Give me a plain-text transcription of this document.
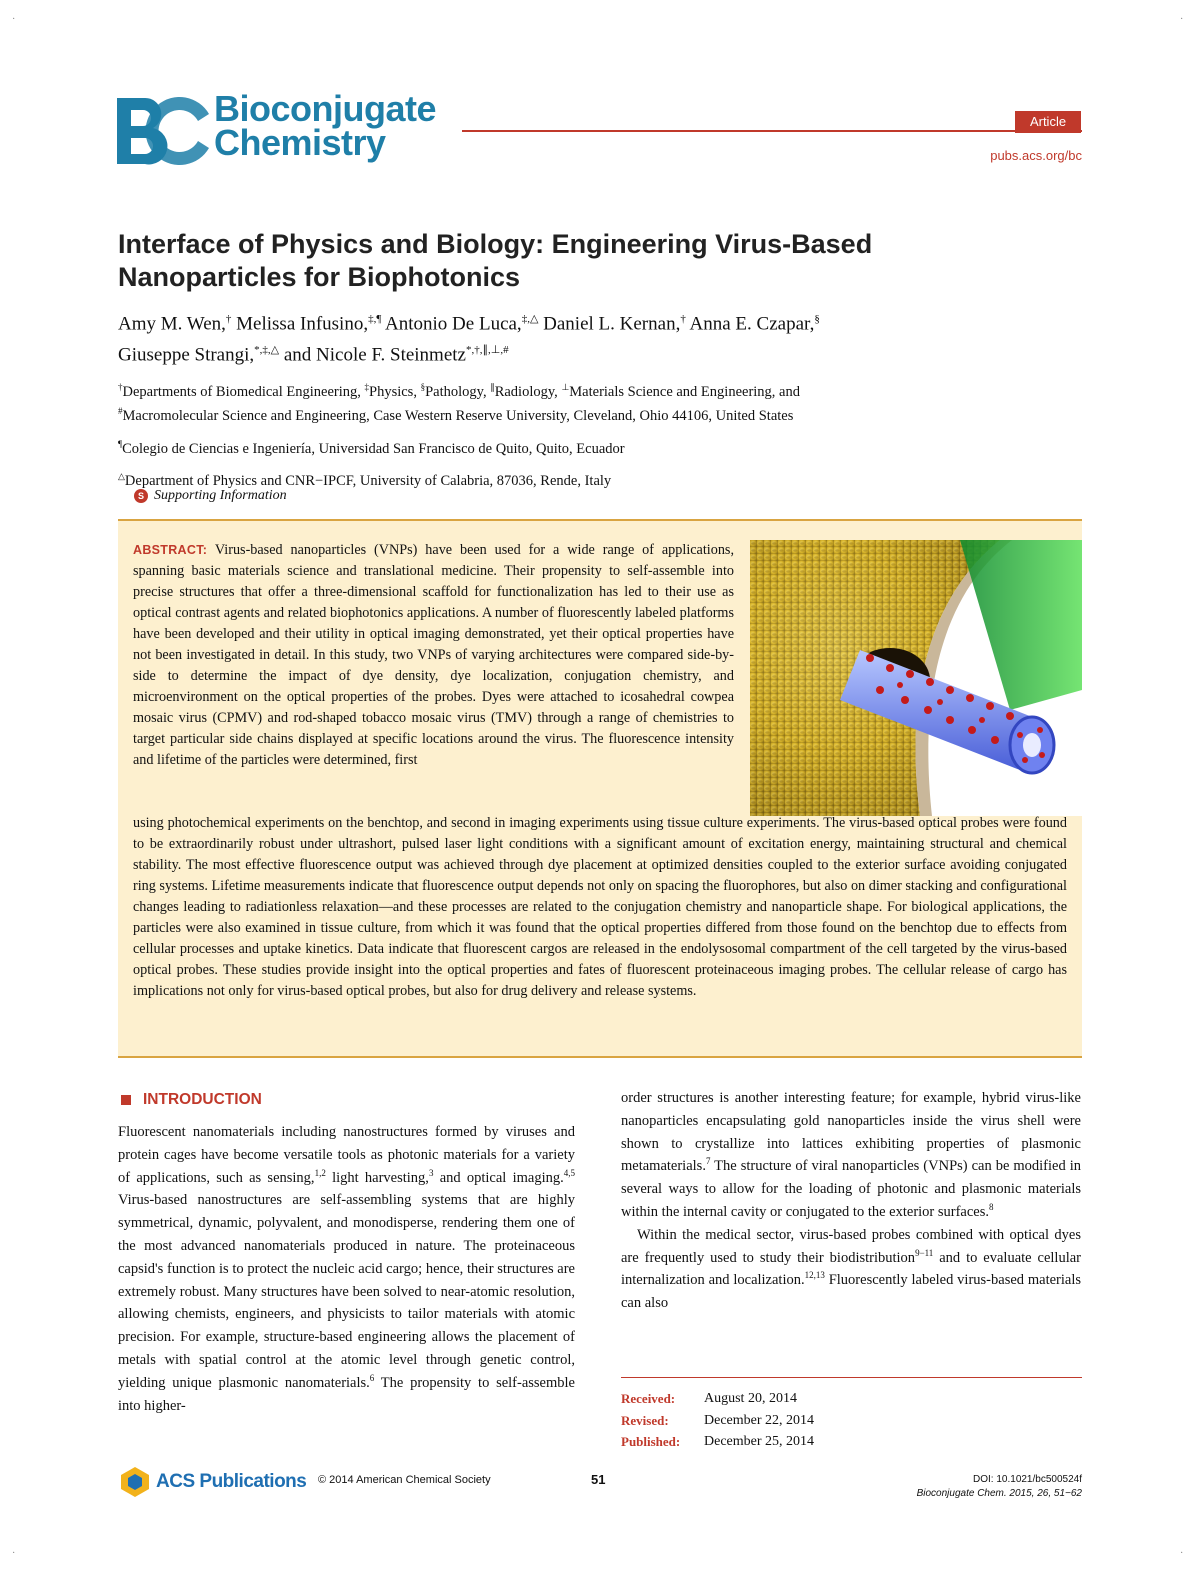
·	·
·	·
Bioconjugate
Chemistry
Article
pubs.acs.org/bc
Interface of Physics and Biology: Engineering Virus-Based Nanoparticles for Biophotonics
Amy M. Wen,† Melissa Infusino,‡,¶ Antonio De Luca,‡,△ Daniel L. Kernan,† Anna E. Czapar,§
Giuseppe Strangi,*,‡,△ and Nicole F. Steinmetz*,†,∥,⊥,#
†Departments of Biomedical Engineering, ‡Physics, §Pathology, ∥Radiology, ⊥Materials Science and Engineering, and
#Macromolecular Science and Engineering, Case Western Reserve University, Cleveland, Ohio 44106, United States
¶Colegio de Ciencias e Ingeniería, Universidad San Francisco de Quito, Quito, Ecuador
△Department of Physics and CNR−IPCF, University of Calabria, 87036, Rende, Italy
S Supporting Information
ABSTRACT: Virus-based nanoparticles (VNPs) have been used for a wide range of applications, spanning basic materials science and translational medicine. Their propensity to self-assemble into precise structures that offer a three-dimensional scaffold for functionalization has led to their use as optical contrast agents and related biophotonics applications. A number of fluorescently labeled platforms have been developed and their utility in optical imaging demonstrated, yet their optical properties have not been investigated in detail. In this study, two VNPs of varying architectures were compared side-by-side to determine the impact of dye density, dye localization, conjugation chemistry, and microenvironment on the optical properties of the probes. Dyes were attached to icosahedral cowpea mosaic virus (CPMV) and rod-shaped tobacco mosaic virus (TMV) through a range of chemistries to target particular side chains displayed at specific locations around the virus. The fluorescence intensity and lifetime of the particles were determined, first
using photochemical experiments on the benchtop, and second in imaging experiments using tissue culture experiments. The virus-based optical probes were found to be extraordinarily robust under ultrashort, pulsed laser light conditions with a significant amount of excitation energy, maintaining structural and chemical stability. The most effective fluorescence output was achieved through dye placement at optimized densities coupled to the exterior surface avoiding conjugated ring systems. Lifetime measurements indicate that fluorescence output depends not only on spacing the fluorophores, but also on dimer stacking and configurational changes leading to radiationless relaxation—and these processes are related to the conjugation chemistry and nanoparticle shape. For biological applications, the particles were also examined in tissue culture, from which it was found that the optical properties differed from those found on the benchtop due to effects from cellular processes and uptake kinetics. Data indicate that fluorescent cargos are released in the endolysosomal compartment of the cell targeted by the virus-based optical probes. These studies provide insight into the optical properties and fates of fluorescent proteinaceous imaging probes. The cellular release of cargo has implications not only for virus-based optical probes, but also for drug delivery and release systems.
INTRODUCTION

Fluorescent nanomaterials including nanostructures formed by viruses and protein cages have become versatile tools as photonic materials for a variety of applications, such as sensing,$^{1,2}$ light harvesting,$^3$ and optical imaging.$^{4,5}$ Virus-based nanostructures are self-assembling systems that are highly symmetrical, dynamic, polyvalent, and monodisperse, rendering them one of the most advanced nanomaterials produced in nature. The proteinaceous capsid's function is to protect the nucleic acid cargo; hence, their structures are extremely robust. Many structures have been solved to near-atomic resolution, allowing chemists, engineers, and physicists to tailor materials with atomic precision. For example, structure-based engineering allows the placement of metals with spatial control at the atomic level through genetic control, yielding unique plasmonic nanomaterials.$^6$ The propensity to self-assemble into higher-

order structures is another interesting feature; for example, hybrid virus-like nanoparticles encapsulating gold nanoparticles inside the virus shell were shown to crystallize into lattices exhibiting properties of plasmonic metamaterials.$^7$ The structure of viral nanoparticles (VNPs) can be modified in several ways to allow for the loading of photonic and plasmonic materials within the internal cavity or conjugated to the exterior surfaces.$^8$

Within the medical sector, virus-based probes combined with optical dyes are frequently used to study their biodistribution$^{9-11}$ and to evaluate cellular internalization and localization.$^{12,13}$ Fluorescently labeled virus-based materials can also

Received:	August 20, 2014
Revised:	December 22, 2014
Published:	December 25, 2014
ACS Publications © 2014 American Chemical Society	51	DOI: 10.1021/bc500524f
Bioconjugate Chem. 2015, 26, 51−62
